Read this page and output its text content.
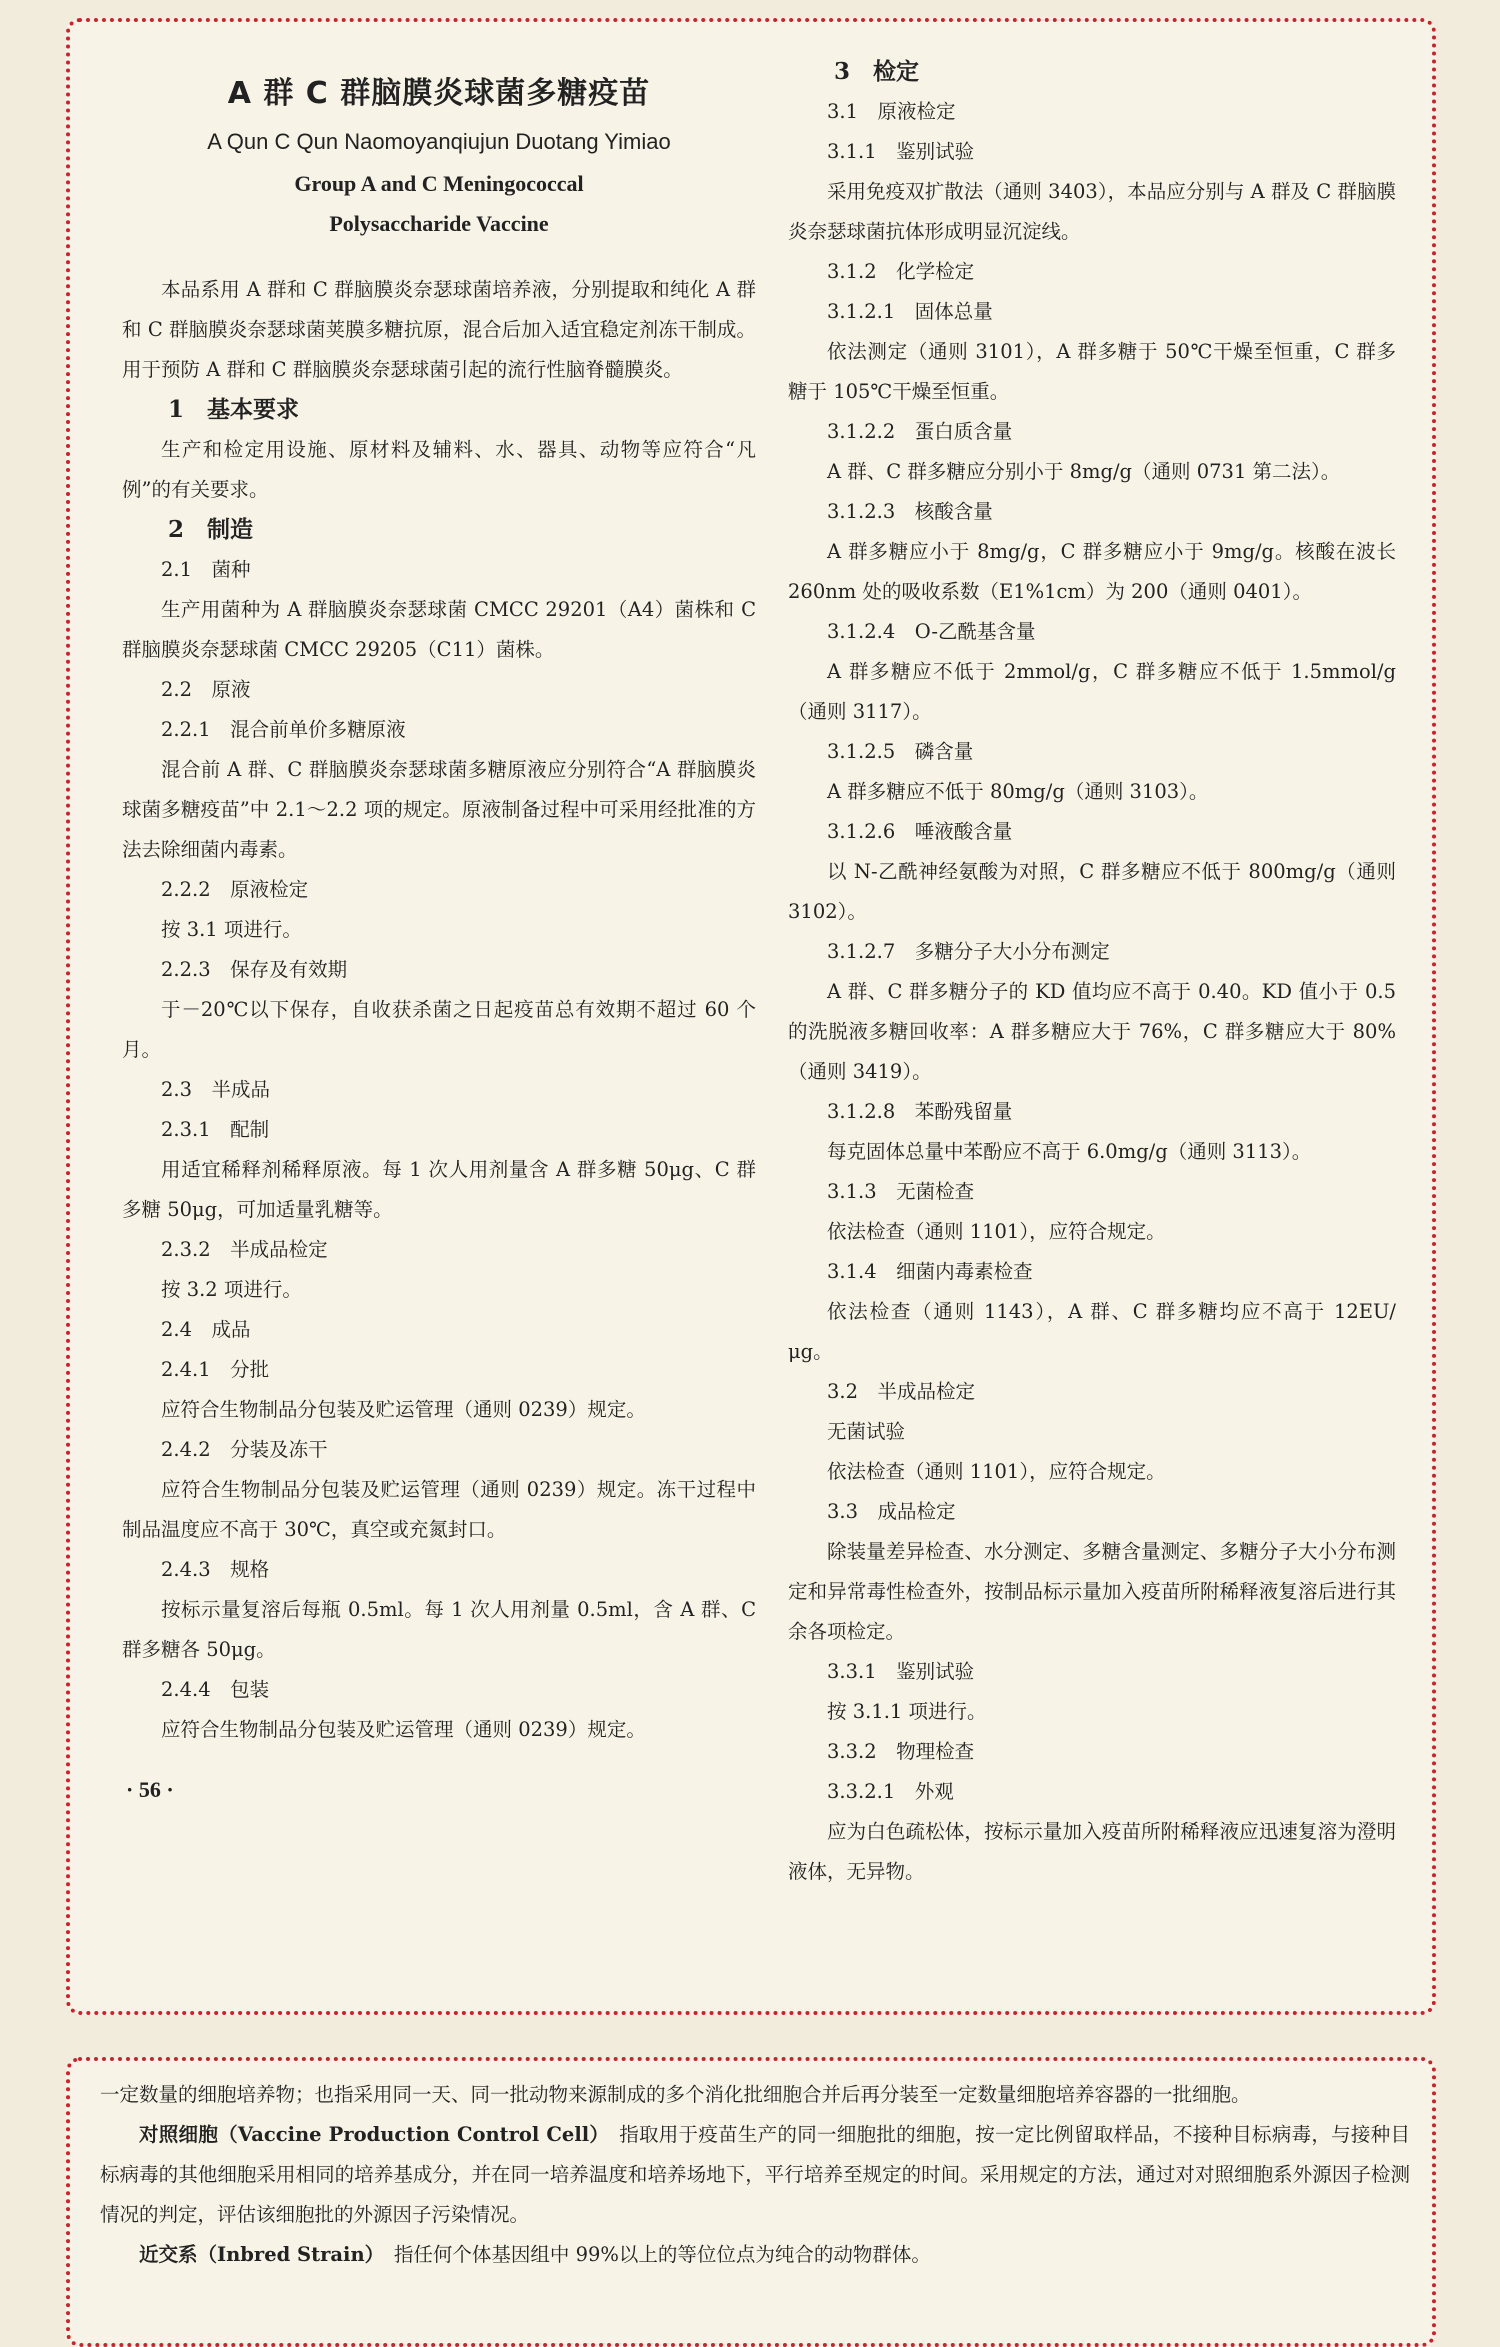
A 群 C 群脑膜炎球菌多糖疫苗
A Qun C Qun Naomoyanqiujun Duotang Yimiao
Group A and C Meningococcal
Polysaccharide Vaccine

本品系用 A 群和 C 群脑膜炎奈瑟球菌培养液，分别提取和纯化 A 群和 C 群脑膜炎奈瑟球菌荚膜多糖抗原，混合后加入适宜稳定剂冻干制成。用于预防 A 群和 C 群脑膜炎奈瑟球菌引起的流行性脑脊髓膜炎。

1　基本要求

生产和检定用设施、原材料及辅料、水、器具、动物等应符合“凡例”的有关要求。

2　制造

2.1　菌种

生产用菌种为 A 群脑膜炎奈瑟球菌 CMCC 29201（A4）菌株和 C 群脑膜炎奈瑟球菌 CMCC 29205（C11）菌株。

2.2　原液

2.2.1　混合前单价多糖原液

混合前 A 群、C 群脑膜炎奈瑟球菌多糖原液应分别符合“A 群脑膜炎球菌多糖疫苗”中 2.1～2.2 项的规定。原液制备过程中可采用经批准的方法去除细菌内毒素。

2.2.2　原液检定

按 3.1 项进行。

2.2.3　保存及有效期

于－20℃以下保存，自收获杀菌之日起疫苗总有效期不超过 60 个月。

2.3　半成品

2.3.1　配制

用适宜稀释剂稀释原液。每 1 次人用剂量含 A 群多糖 50μg、C 群多糖 50μg，可加适量乳糖等。

2.3.2　半成品检定

按 3.2 项进行。

2.4　成品

2.4.1　分批

应符合生物制品分包装及贮运管理（通则 0239）规定。

2.4.2　分装及冻干

应符合生物制品分包装及贮运管理（通则 0239）规定。冻干过程中制品温度应不高于 30℃，真空或充氮封口。

2.4.3　规格

按标示量复溶后每瓶 0.5ml。每 1 次人用剂量 0.5ml，含 A 群、C 群多糖各 50μg。

2.4.4　包装

应符合生物制品分包装及贮运管理（通则 0239）规定。

· 56 ·

3　检定

3.1　原液检定

3.1.1　鉴别试验

采用免疫双扩散法（通则 3403），本品应分别与 A 群及 C 群脑膜炎奈瑟球菌抗体形成明显沉淀线。

3.1.2　化学检定

3.1.2.1　固体总量

依法测定（通则 3101），A 群多糖于 50℃干燥至恒重，C 群多糖于 105℃干燥至恒重。

3.1.2.2　蛋白质含量

A 群、C 群多糖应分别小于 8mg/g（通则 0731 第二法）。

3.1.2.3　核酸含量

A 群多糖应小于 8mg/g，C 群多糖应小于 9mg/g。核酸在波长 260nm 处的吸收系数（E1%1cm）为 200（通则 0401）。

3.1.2.4　O-乙酰基含量

A 群多糖应不低于 2mmol/g，C 群多糖应不低于 1.5mmol/g（通则 3117）。

3.1.2.5　磷含量

A 群多糖应不低于 80mg/g（通则 3103）。

3.1.2.6　唾液酸含量

以 N-乙酰神经氨酸为对照，C 群多糖应不低于 800mg/g（通则 3102）。

3.1.2.7　多糖分子大小分布测定

A 群、C 群多糖分子的 KD 值均应不高于 0.40。KD 值小于 0.5 的洗脱液多糖回收率：A 群多糖应大于 76%，C 群多糖应大于 80%（通则 3419）。

3.1.2.8　苯酚残留量

每克固体总量中苯酚应不高于 6.0mg/g（通则 3113）。

3.1.3　无菌检查

依法检查（通则 1101），应符合规定。

3.1.4　细菌内毒素检查

依法检查（通则 1143），A 群、C 群多糖均应不高于 12EU/μg。

3.2　半成品检定

无菌试验

依法检查（通则 1101），应符合规定。

3.3　成品检定

除装量差异检查、水分测定、多糖含量测定、多糖分子大小分布测定和异常毒性检查外，按制品标示量加入疫苗所附稀释液复溶后进行其余各项检定。

3.3.1　鉴别试验

按 3.1.1 项进行。

3.3.2　物理检查

3.3.2.1　外观

应为白色疏松体，按标示量加入疫苗所附稀释液应迅速复溶为澄明液体，无异物。

一定数量的细胞培养物；也指采用同一天、同一批动物来源制成的多个消化批细胞合并后再分装至一定数量细胞培养容器的一批细胞。

对照细胞（Vaccine Production Control Cell）　 指取用于疫苗生产的同一细胞批的细胞，按一定比例留取样品，不接种目标病毒，与接种目标病毒的其他细胞采用相同的培养基成分，并在同一培养温度和培养场地下，平行培养至规定的时间。采用规定的方法，通过对对照细胞系外源因子检测情况的判定，评估该细胞批的外源因子污染情况。

近交系（Inbred Strain）　 指任何个体基因组中 99%以上的等位位点为纯合的动物群体。
